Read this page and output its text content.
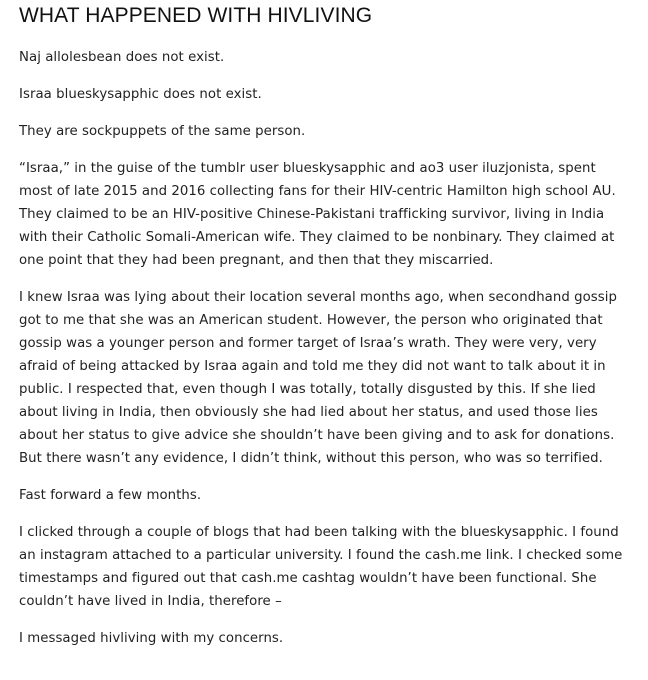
WHAT HAPPENED WITH HIVLIVING

Naj allolesbean does not exist.

Israa blueskysapphic does not exist.

They are sockpuppets of the same person.

“Israa,” in the guise of the tumblr user blueskysapphic and ao3 user iluzjonista, spent most of late 2015 and 2016 collecting fans for their HIV-centric Hamilton high school AU. They claimed to be an HIV-positive Chinese-Pakistani trafficking survivor, living in India with their Catholic Somali-American wife. They claimed to be nonbinary. They claimed at one point that they had been pregnant, and then that they miscarried.

I knew Israa was lying about their location several months ago, when secondhand gossip got to me that she was an American student. However, the person who originated that gossip was a younger person and former target of Israa’s wrath. They were very, very afraid of being attacked by Israa again and told me they did not want to talk about it in public. I respected that, even though I was totally, totally disgusted by this. If she lied about living in India, then obviously she had lied about her status, and used those lies about her status to give advice she shouldn’t have been giving and to ask for donations. But there wasn’t any evidence, I didn’t think, without this person, who was so terrified.

Fast forward a few months.

I clicked through a couple of blogs that had been talking with the blueskysapphic. I found an instagram attached to a particular university. I found the cash.me link. I checked some timestamps and figured out that cash.me cashtag wouldn’t have been functional. She couldn’t have lived in India, therefore –

I messaged hivliving with my concerns.
